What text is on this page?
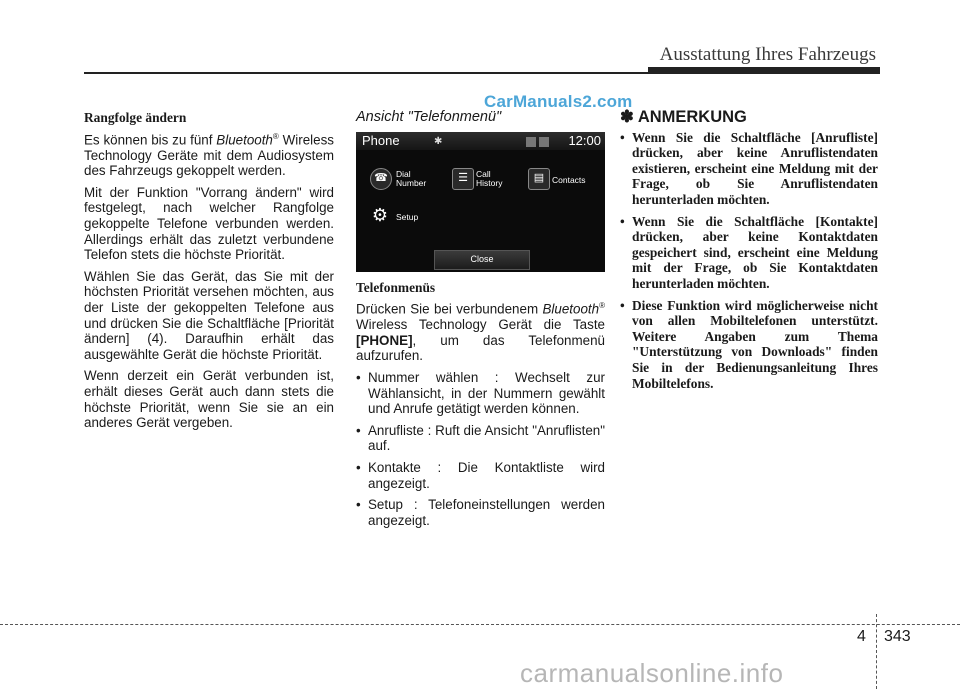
Ausstattung Ihres Fahrzeugs
CarManuals2.com
Rangfolge ändern

Es können bis zu fünf Bluetooth® Wireless Technology Geräte mit dem Audiosystem des Fahrzeugs gekoppelt werden.

Mit der Funktion "Vorrang ändern" wird festgelegt, nach welcher Rangfolge gekoppelte Telefone verbunden werden. Allerdings erhält das zuletzt verbundene Telefon stets die höchste Priorität.

Wählen Sie das Gerät, das Sie mit der höchsten Priorität versehen möchten, aus der Liste der gekoppelten Telefone aus und drücken Sie die Schaltfläche [Priorität ändern] (4). Daraufhin erhält das ausgewählte Gerät die höchste Priorität.

Wenn derzeit ein Gerät verbunden ist, erhält dieses Gerät auch dann stets die höchste Priorität, wenn Sie sie an ein anderes Gerät vergeben.

Ansicht "Telefonmenü"
Phone	✱	12:00
☎ Dial
Number	☰ Call
History	▤ Contacts
⚙ Setup
Close
Telefonmenüs

Drücken Sie bei verbundenem Bluetooth® Wireless Technology Gerät die Taste [PHONE], um das Telefonmenü aufzurufen.

• Nummer wählen : Wechselt zur Wählansicht, in der Nummern gewählt und Anrufe getätigt werden können.
• Anrufliste : Ruft die Ansicht "Anruflisten" auf.
• Kontakte : Die Kontaktliste wird angezeigt.
• Setup : Telefoneinstellungen werden angezeigt.
✽ ANMERKUNG
• Wenn Sie die Schaltfläche [Anrufliste] drücken, aber keine Anruflistendaten existieren, erscheint eine Meldung mit der Frage, ob Sie Anruflistendaten herunterladen möchten.
• Wenn Sie die Schaltfläche [Kontakte] drücken, aber keine Kontaktdaten gespeichert sind, erscheint eine Meldung mit der Frage, ob Sie Kontaktdaten herunterladen möchten.
• Diese Funktion wird möglicherweise nicht von allen Mobiltelefonen unterstützt. Weitere Angaben zum Thema "Unterstützung von Downloads" finden Sie in der Bedienungsanleitung Ihres Mobiltelefons.
4 343
carmanualsonline.info
